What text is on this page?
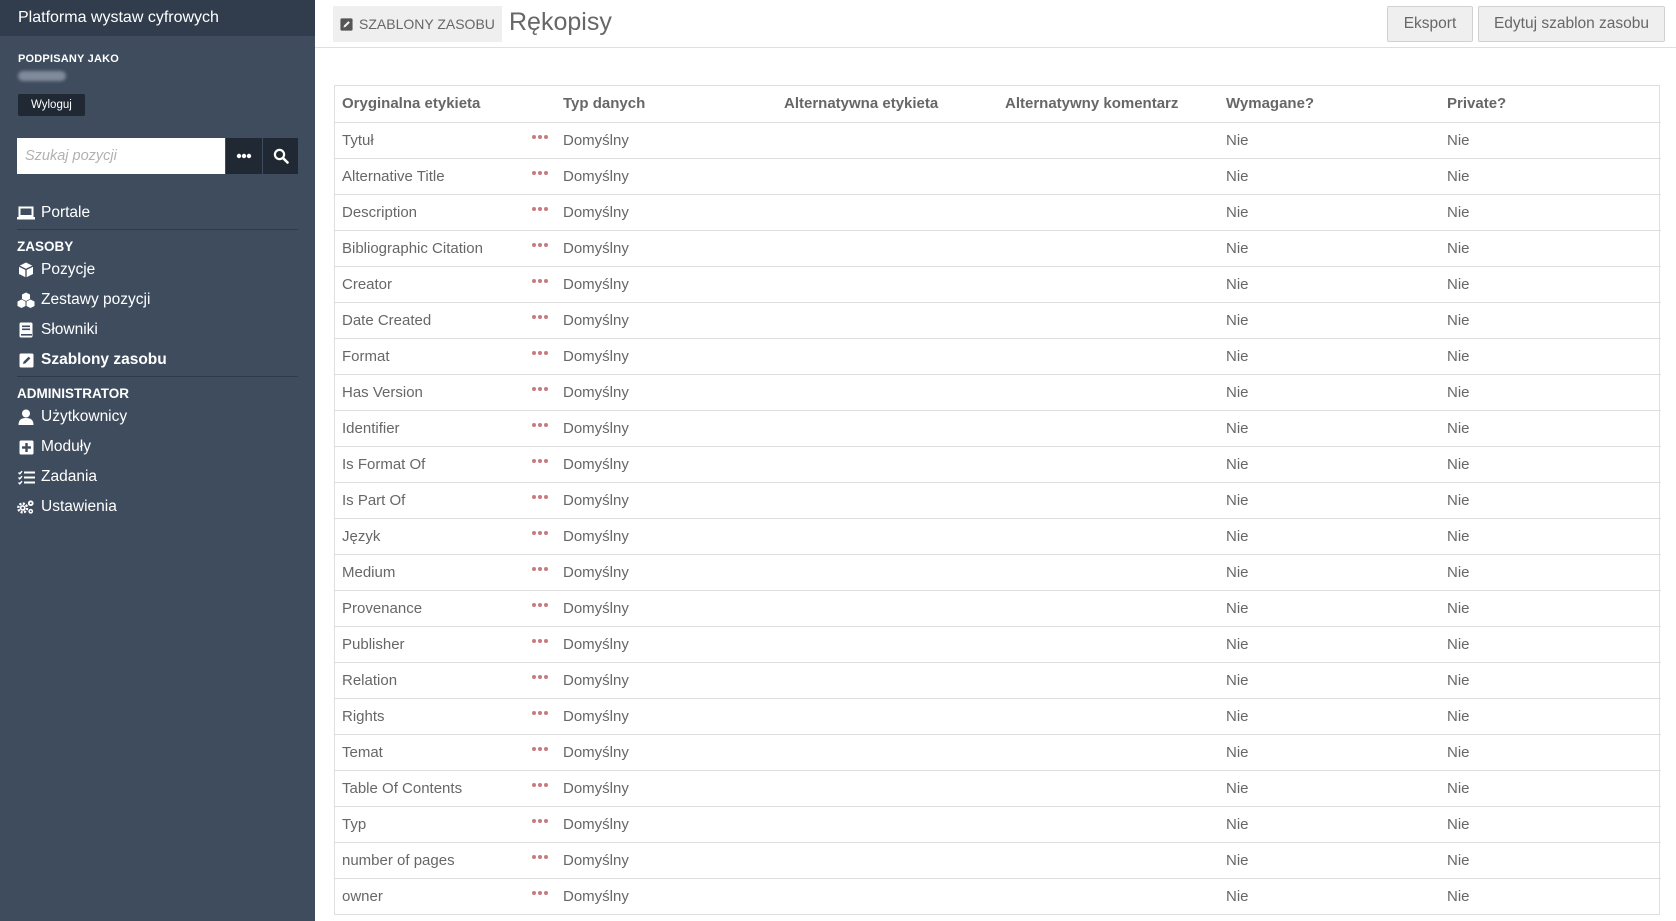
Platforma wystaw cyfrowych
PODPISANY JAKO
Wyloguj
Szukaj pozycji
Portale
ZASOBY
Pozycje
Zestawy pozycji
Słowniki
Szablony zasobu
ADMINISTRATOR
Użytkownicy
Moduły
Zadania
Ustawienia
SZABLONY ZASOBU Rękopisy	Eksport	Edytuj szablon zasobu
Oryginalna etykieta	Typ danych	Alternatywna etykieta	Alternatywny komentarz	Wymagane?	Private?
Tytuł	Domyślny			Nie	Nie
Alternative Title	Domyślny			Nie	Nie
Description	Domyślny			Nie	Nie
Bibliographic Citation	Domyślny			Nie	Nie
Creator	Domyślny			Nie	Nie
Date Created	Domyślny			Nie	Nie
Format	Domyślny			Nie	Nie
Has Version	Domyślny			Nie	Nie
Identifier	Domyślny			Nie	Nie
Is Format Of	Domyślny			Nie	Nie
Is Part Of	Domyślny			Nie	Nie
Język	Domyślny			Nie	Nie
Medium	Domyślny			Nie	Nie
Provenance	Domyślny			Nie	Nie
Publisher	Domyślny			Nie	Nie
Relation	Domyślny			Nie	Nie
Rights	Domyślny			Nie	Nie
Temat	Domyślny			Nie	Nie
Table Of Contents	Domyślny			Nie	Nie
Typ	Domyślny			Nie	Nie
number of pages	Domyślny			Nie	Nie
owner	Domyślny			Nie	Nie
